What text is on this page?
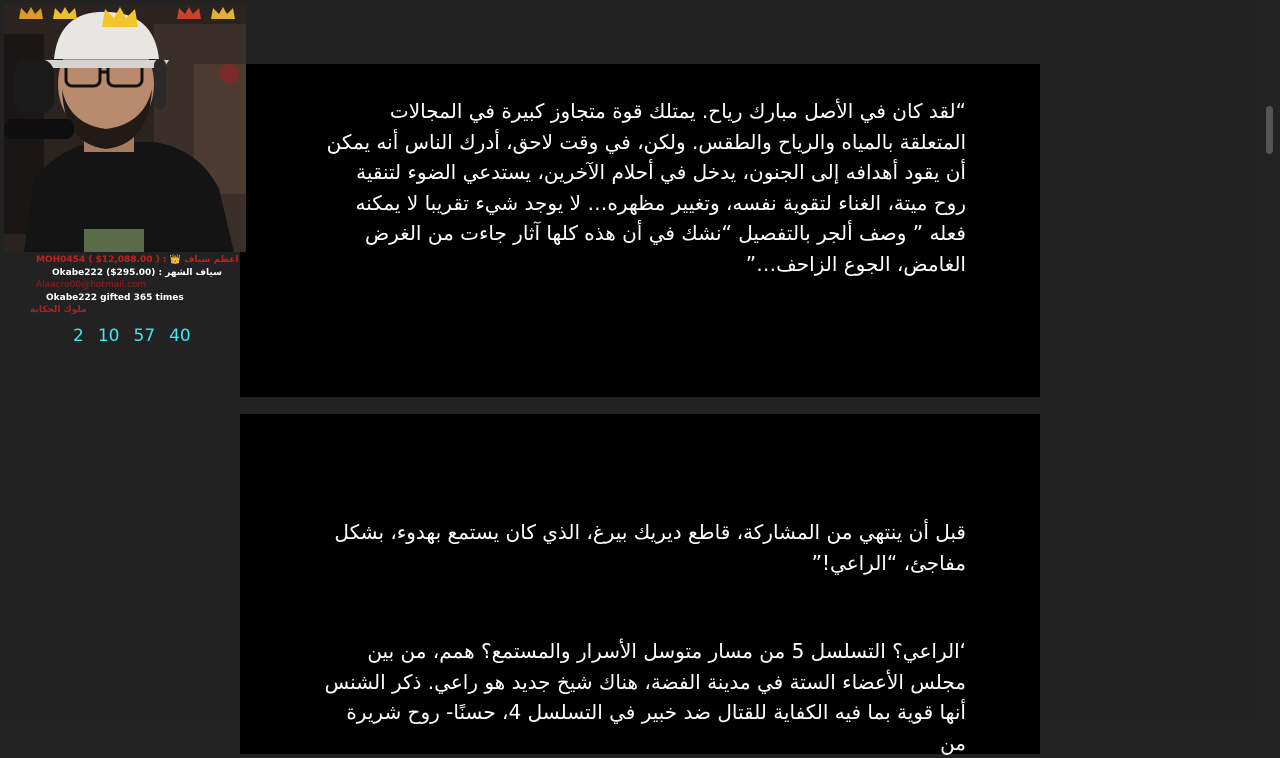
“لقد كان في الأصل مبارك رياح. يمتلك قوة متجاوز كبيرة في المجالات المتعلقة بالمياه والرياح والطقس. ولكن، في وقت لاحق، أدرك الناس أنه يمكن أن يقود أهدافه إلى الجنون، يدخل في أحلام الآخرين، يستدعي الضوء لتنقية روح ميتة، الغناء لتقوية نفسه، وتغيير مظهره… لا يوجد شيء تقريبا لا يمكنه فعله ” وصف ألجر بالتفصيل “نشك في أن هذه كلها آثار جاءت من الغرض الغامض، الجوع الزاحف…”

قبل أن ينتهي من المشاركة، قاطع ديريك بيرغ، الذي كان يستمع بهدوء، بشكل مفاجئ، “الراعي!”

‘الراعي؟ التسلسل 5 من مسار متوسل الأسرار والمستمع؟ همم، من بين مجلس الأعضاء الستة في مدينة الفضة، هناك شيخ جديد هو راعي. ذكر الشنس أنها قوية بما فيه الكفاية للقتال ضد خبير في التسلسل 4، حسنًا- روح شريرة من

MOH0454 ( $12,088.00 ) : 👑 اعظم سياف
Okabe222 ($295.00) : سياف الشهر
Alaacro00@hotmail.com
Okabe222 gifted 365 times
ملوك الحكاية
2 10 57 40
